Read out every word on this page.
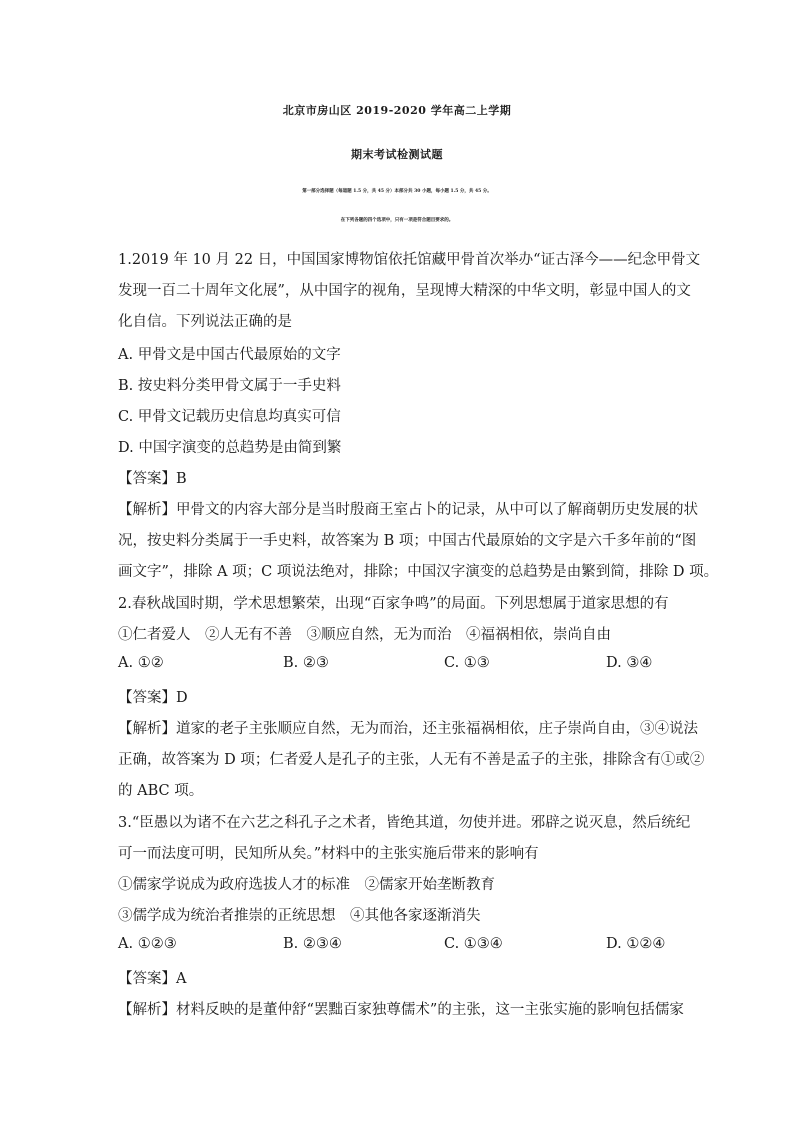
北京市房山区 2019-2020 学年高二上学期
期末考试检测试题
第一部分选择题（每道题 1.5 分，共 45 分）本部分共 30 小题，每小题 1.5 分，共 45 分。
在下列各题的四个选项中，只有一项是符合题目要求的。
1.2019 年 10 月 22 日，中国国家博物馆依托馆藏甲骨首次举办“证古泽今——纪念甲骨文
发现一百二十周年文化展”，从中国字的视角，呈现博大精深的中华文明，彰显中国人的文
化自信。下列说法正确的是
A. 甲骨文是中国古代最原始的文字
B. 按史料分类甲骨文属于一手史料
C. 甲骨文记载历史信息均真实可信
D. 中国字演变的总趋势是由简到繁
【答案】B
【解析】甲骨文的内容大部分是当时殷商王室占卜的记录，从中可以了解商朝历史发展的状
况，按史料分类属于一手史料，故答案为 B 项；中国古代最原始的文字是六千多年前的“图
画文字”，排除 A 项；C 项说法绝对，排除；中国汉字演变的总趋势是由繁到简，排除 D 项。
2.春秋战国时期，学术思想繁荣，出现“百家争鸣”的局面。下列思想属于道家思想的有
①仁者爱人　②人无有不善　③顺应自然，无为而治　④福祸相依，崇尚自由
A. ①②	B. ②③	C. ①③	D. ③④
【答案】D
【解析】道家的老子主张顺应自然，无为而治，还主张福祸相依，庄子崇尚自由，③④说法
正确，故答案为 D 项；仁者爱人是孔子的主张，人无有不善是孟子的主张，排除含有①或②
的 ABC 项。
3.“臣愚以为诸不在六艺之科孔子之术者，皆绝其道，勿使并进。邪辟之说灭息，然后统纪
可一而法度可明，民知所从矣。”材料中的主张实施后带来的影响有
①儒家学说成为政府选拔人才的标准　②儒家开始垄断教育
③儒学成为统治者推崇的正统思想　④其他各家逐渐消失
A. ①②③	B. ②③④	C. ①③④	D. ①②④
【答案】A
【解析】材料反映的是董仲舒“罢黜百家独尊儒术”的主张，这一主张实施的影响包括儒家
